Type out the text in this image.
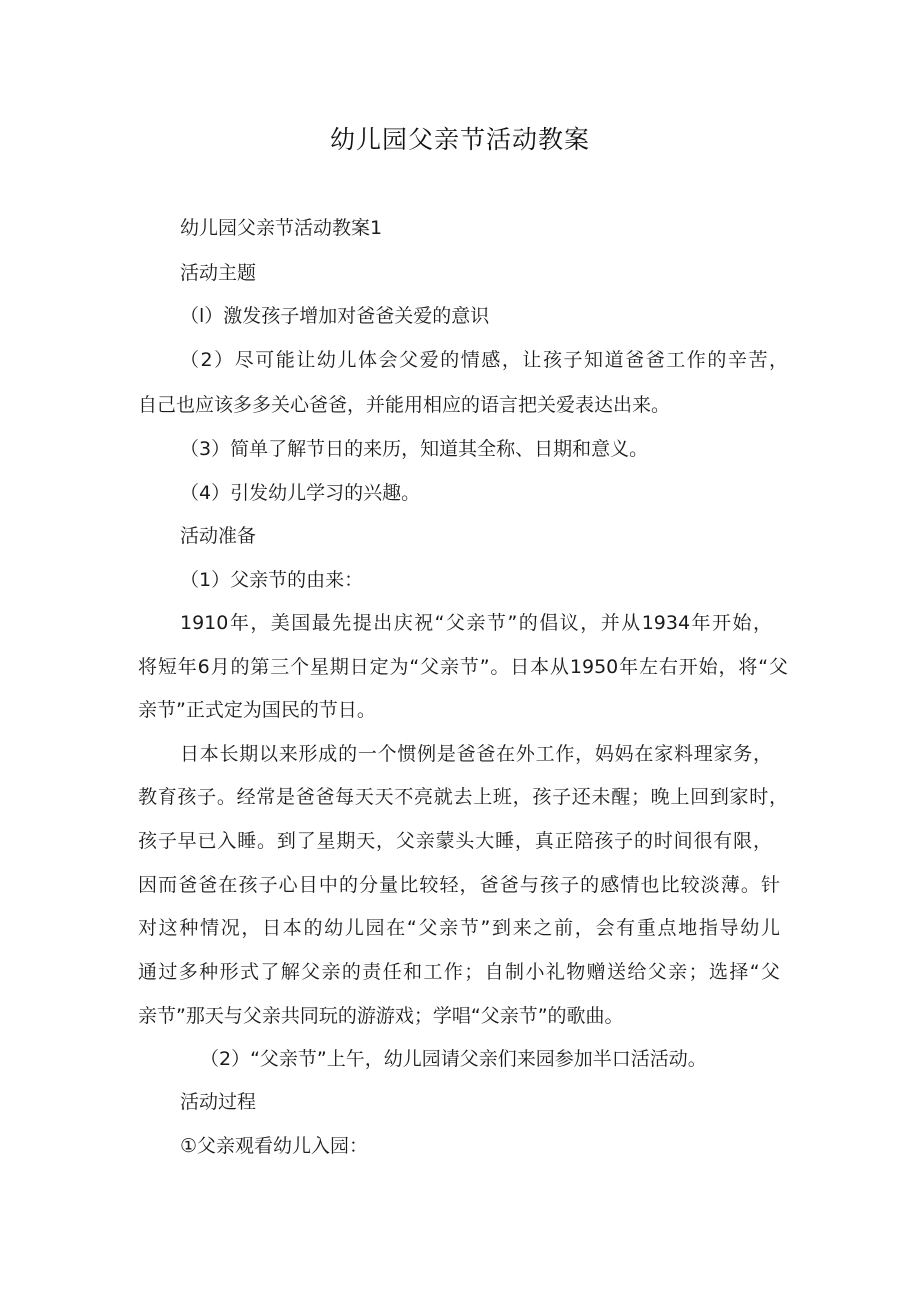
幼儿园父亲节活动教案
幼儿园父亲节活动教案1
活动主题
（l）激发孩子增加对爸爸关爱的意识
（2）尽可能让幼儿体会父爱的情感，让孩子知道爸爸工作的辛苦，
自己也应该多多关心爸爸，并能用相应的语言把关爱表达出来。
（3）简单了解节日的来历，知道其全称、日期和意义。
（4）引发幼儿学习的兴趣。
活动准备
（1）父亲节的由来：
1910年，美国最先提出庆祝“父亲节”的倡议，并从1934年开始，
将短年6月的第三个星期日定为“父亲节”。日本从1950年左右开始，将“父
亲节”正式定为国民的节日。
日本长期以来形成的一个惯例是爸爸在外工作，妈妈在家料理家务，
教育孩子。经常是爸爸每天天不亮就去上班，孩子还未醒；晚上回到家时，
孩子早已入睡。到了星期天，父亲蒙头大睡，真正陪孩子的时间很有限，
因而爸爸在孩子心目中的分量比较轻，爸爸与孩子的感情也比较淡薄。针
对这种情况，日本的幼儿园在“父亲节”到来之前，会有重点地指导幼儿
通过多种形式了解父亲的责任和工作；自制小礼物赠送给父亲；选择“父
亲节”那天与父亲共同玩的游游戏；学唱“父亲节”的歌曲。
（2）“父亲节”上午，幼儿园请父亲们来园参加半口活活动。
活动过程
①父亲观看幼儿入园：
